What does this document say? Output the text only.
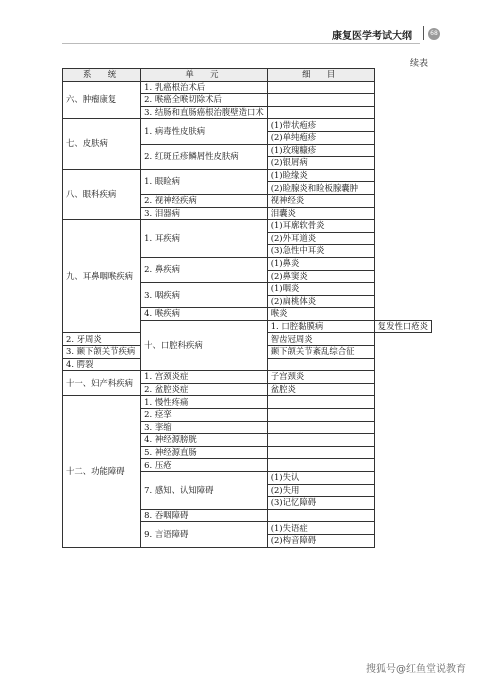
康复医学考试大纲	68
续表
系　统	单　元	细　目	
六、肿瘤康复	1. 乳癌根治术后		
	2. 喉癌全喉切除术后		
	3. 结肠和直肠癌根治腹壁造口术		
七、皮肤病	1. 病毒性皮肤病	(1)带状疱疹	
		(2)单纯疱疹	
	2. 红斑丘疹鳞屑性皮肤病	(1)玫瑰糠疹	
		(2)银屑病	
八、眼科疾病	1. 眼睑病	(1)睑缘炎	
		(2)睑腺炎和睑板腺囊肿	
	2. 视神经疾病	视神经炎	
	3. 泪器病	泪囊炎	
九、耳鼻咽喉疾病	1. 耳疾病	(1)耳廓软骨炎	
		(2)外耳道炎	
		(3)急性中耳炎	
	2. 鼻疾病	(1)鼻炎	
		(2)鼻窦炎	
	3. 咽疾病	(1)咽炎	
		(2)扁桃体炎	
	4. 喉疾病	喉炎	
	十、口腔科疾病	1. 口腔黏膜病	复发性口疮炎
2. 牙周炎		智齿冠周炎	
3. 颞下颌关节疾病		颞下颌关节紊乱综合征	
4. 腭裂			
十一、妇产科疾病	1. 宫颈炎症	子宫颈炎	
	2. 盆腔炎症	盆腔炎	
十二、功能障碍	1. 慢性疼痛		
	2. 痉挛		
	3. 挛缩		
	4. 神经源膀胱		
	5. 神经源直肠		
	6. 压疮		
	7. 感知、认知障碍	(1)失认	
		(2)失用	
		(3)记忆障碍	
	8. 吞咽障碍		
	9. 言语障碍	(1)失语症	
		(2)构音障碍	
搜狐号@红鱼堂说教育
